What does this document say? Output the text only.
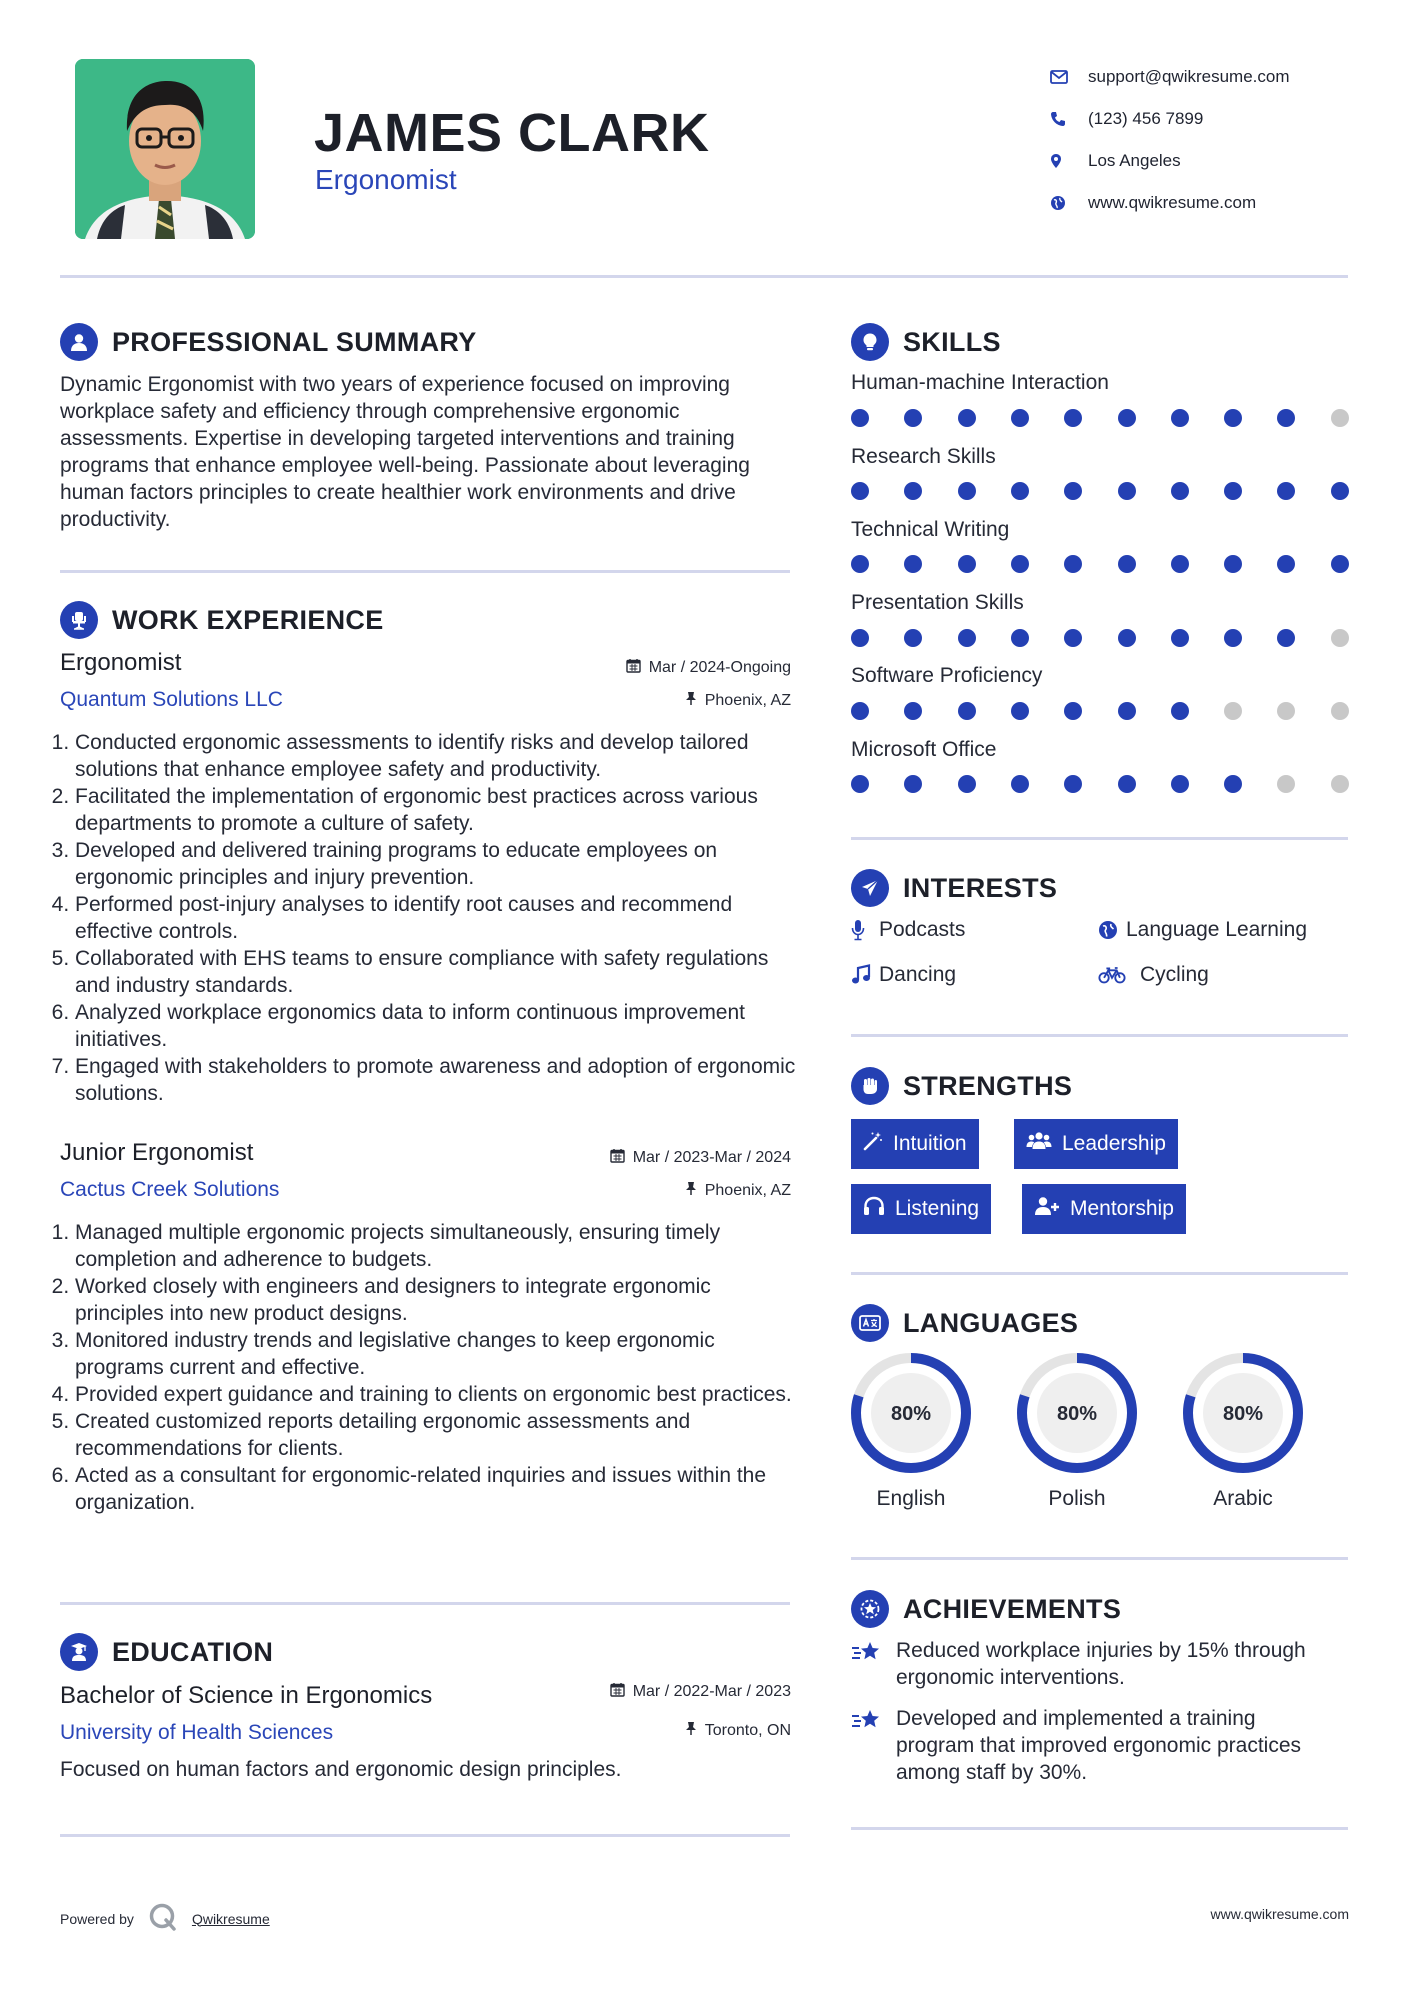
JAMES CLARK
Ergonomist
support@qwikresume.com
(123) 456 7899
Los Angeles
www.qwikresume.com
PROFESSIONAL SUMMARY
Dynamic Ergonomist with two years of experience focused on improving workplace safety and efficiency through comprehensive ergonomic assessments. Expertise in developing targeted interventions and training programs that enhance employee well-being. Passionate about leveraging human factors principles to create healthier work environments and drive productivity.
WORK EXPERIENCE
Ergonomist	Mar / 2024-Ongoing
Quantum Solutions LLC	Phoenix, AZ
1. Conducted ergonomic assessments to identify risks and develop tailored solutions that enhance employee safety and productivity.
2. Facilitated the implementation of ergonomic best practices across various departments to promote a culture of safety.
3. Developed and delivered training programs to educate employees on ergonomic principles and injury prevention.
4. Performed post-injury analyses to identify root causes and recommend effective controls.
5. Collaborated with EHS teams to ensure compliance with safety regulations and industry standards.
6. Analyzed workplace ergonomics data to inform continuous improvement initiatives.
7. Engaged with stakeholders to promote awareness and adoption of ergonomic solutions.
Junior Ergonomist	Mar / 2023-Mar / 2024
Cactus Creek Solutions	Phoenix, AZ
1. Managed multiple ergonomic projects simultaneously, ensuring timely completion and adherence to budgets.
2. Worked closely with engineers and designers to integrate ergonomic principles into new product designs.
3. Monitored industry trends and legislative changes to keep ergonomic programs current and effective.
4. Provided expert guidance and training to clients on ergonomic best practices.
5. Created customized reports detailing ergonomic assessments and recommendations for clients.
6. Acted as a consultant for ergonomic-related inquiries and issues within the organization.
EDUCATION
Bachelor of Science in Ergonomics	Mar / 2022-Mar / 2023
University of Health Sciences	Toronto, ON
Focused on human factors and ergonomic design principles.
SKILLS
Human-machine Interaction
Research Skills
Technical Writing
Presentation Skills
Software Proficiency
Microsoft Office
INTERESTS
Podcasts	Language Learning
Dancing	Cycling
STRENGTHS
Intuition	Leadership
Listening	Mentorship
LANGUAGES
80%
English
80%
Polish
80%
Arabic
ACHIEVEMENTS
Reduced workplace injuries by 15% through ergonomic interventions.
Developed and implemented a training program that improved ergonomic practices among staff by 30%.
Powered by	Qwikresume	www.qwikresume.com
